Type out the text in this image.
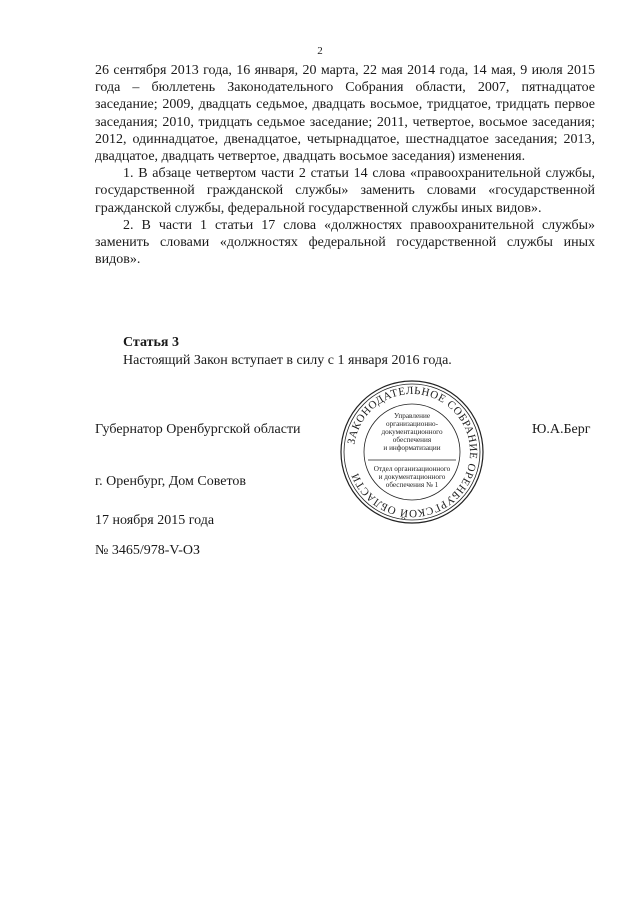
2

26 сентября 2013 года, 16 января, 20 марта, 22 мая 2014 года, 14 мая, 9 июля 2015 года – бюллетень Законодательного Собрания области, 2007, пятнадцатое заседание; 2009, двадцать седьмое, двадцать восьмое, тридцатое, тридцать первое заседания; 2010, тридцать седьмое заседание; 2011, четвертое, восьмое заседания; 2012, одиннадцатое, двенадцатое, четырнадцатое, шестнадцатое заседания; 2013, двадцатое, двадцать четвертое, двадцать восьмое заседания) изменения.

1. В абзаце четвертом части 2 статьи 14 слова «правоохранительной службы, государственной гражданской службы» заменить словами «государственной гражданской службы, федеральной государственной службы иных видов».

2. В части 1 статьи 17 слова «должностях правоохранительной службы» заменить словами «должностях федеральной государственной службы иных видов».

Статья 3
Настоящий Закон вступает в силу с 1 января 2016 года.
Губернатор Оренбургской области	Ю.А.Берг
ЗАКОНОДАТЕЛЬНОЕ СОБРАНИЕ ОРЕНБУРГСКОЙ ОБЛАСТИ
Управление
организационно-
документационного
обеспечения
и информатизации
Отдел организационного
и документационного
обеспечения № 1
г. Оренбург, Дом Советов
17 ноября 2015 года
№ 3465/978-V-ОЗ
